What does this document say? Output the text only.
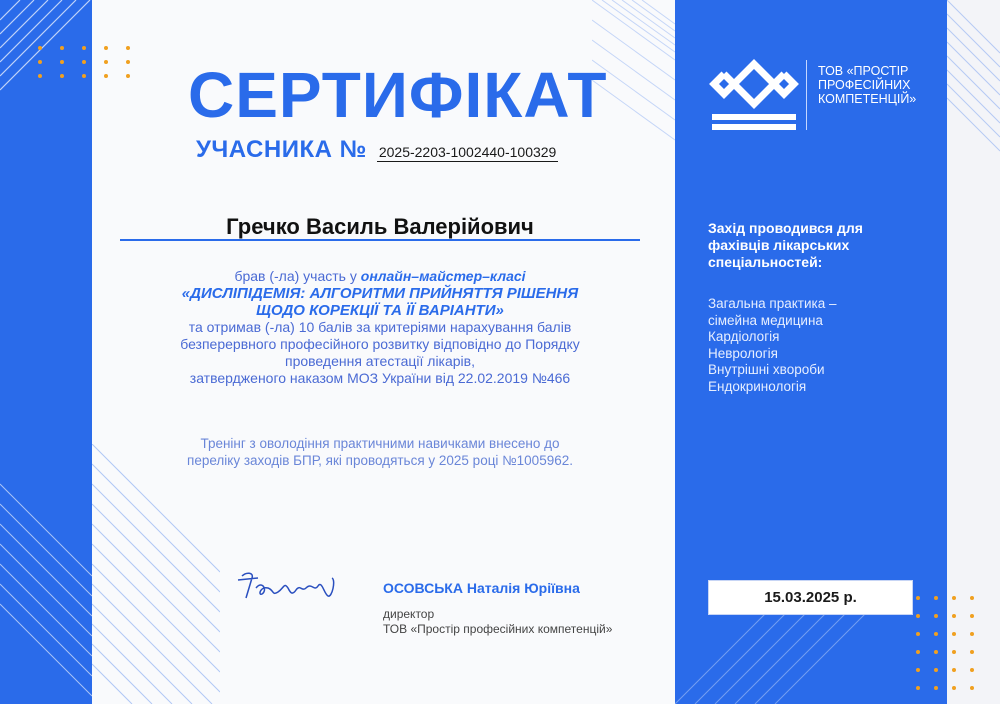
СЕРТИФІКАТ
УЧАСНИКА № 2025-2203-1002440-100329
Гречко Василь Валерійович
брав (-ла) участь у онлайн–майстер–класі
«ДИСЛІПІДЕМІЯ: АЛГОРИТМИ ПРИЙНЯТТЯ РІШЕННЯ
ЩОДО КОРЕКЦІЇ ТА ЇЇ ВАРІАНТИ»
та отримав (-ла) 10 балів за критеріями нарахування балів
безперервного професійного розвитку відповідно до Порядку
проведення атестації лікарів,
затвердженого наказом МОЗ України від 22.02.2019 №466
Тренінг з оволодіння практичними навичками внесено до
переліку заходів БПР, які проводяться у 2025 році №1005962.
ОСОВСЬКА Наталія Юріївна
директор
ТОВ «Простір професійних компетенцій»
ТОВ «ПРОСТІР
ПРОФЕСІЙНИХ
КОМПЕТЕНЦІЙ»
Захід проводився для
фахівців лікарських
спеціальностей:
Загальна практика –
сімейна медицина
Кардіологія
Неврологія
Внутрішні хвороби
Ендокринологія
15.03.2025 р.
